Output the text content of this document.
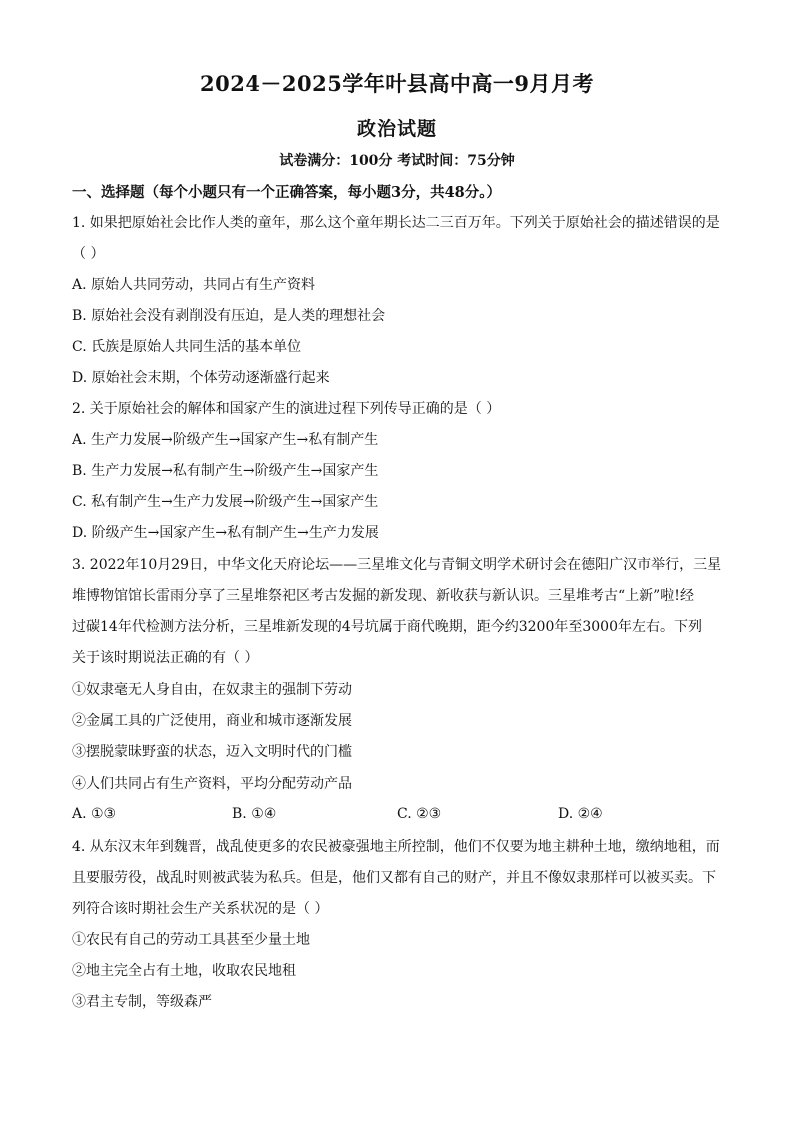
2024－2025学年叶县高中高一9月月考
政治试题
试卷满分：100分 考试时间：75分钟
一、选择题（每个小题只有一个正确答案，每小题3分，共48分。）
1. 如果把原始社会比作人类的童年，那么这个童年期长达二三百万年。下列关于原始社会的描述错误的是
（ ）
A. 原始人共同劳动，共同占有生产资料
B. 原始社会没有剥削没有压迫，是人类的理想社会
C. 氏族是原始人共同生活的基本单位
D. 原始社会末期，个体劳动逐渐盛行起来
2. 关于原始社会的解体和国家产生的演进过程下列传导正确的是（ ）
A. 生产力发展→阶级产生→国家产生→私有制产生
B. 生产力发展→私有制产生→阶级产生→国家产生
C. 私有制产生→生产力发展→阶级产生→国家产生
D. 阶级产生→国家产生→私有制产生→生产力发展
3. 2022年10月29日，中华文化天府论坛——三星堆文化与青铜文明学术研讨会在德阳广汉市举行，三星
堆博物馆馆长雷雨分享了三星堆祭祀区考古发掘的新发现、新收获与新认识。三星堆考古“上新”啦!经
过碳14年代检测方法分析，三星堆新发现的4号坑属于商代晚期，距今约3200年至3000年左右。下列
关于该时期说法正确的有（ ）
①奴隶毫无人身自由，在奴隶主的强制下劳动
②金属工具的广泛使用，商业和城市逐渐发展
③摆脱蒙昧野蛮的状态，迈入文明时代的门槛
④人们共同占有生产资料，平均分配劳动产品
A. ①③	B. ①④	C. ②③	D. ②④
4. 从东汉末年到魏晋，战乱使更多的农民被豪强地主所控制，他们不仅要为地主耕种土地，缴纳地租，而
且要服劳役，战乱时则被武装为私兵。但是，他们又都有自己的财产，并且不像奴隶那样可以被买卖。下
列符合该时期社会生产关系状况的是（ ）
①农民有自己的劳动工具甚至少量土地
②地主完全占有土地，收取农民地租
③君主专制，等级森严
